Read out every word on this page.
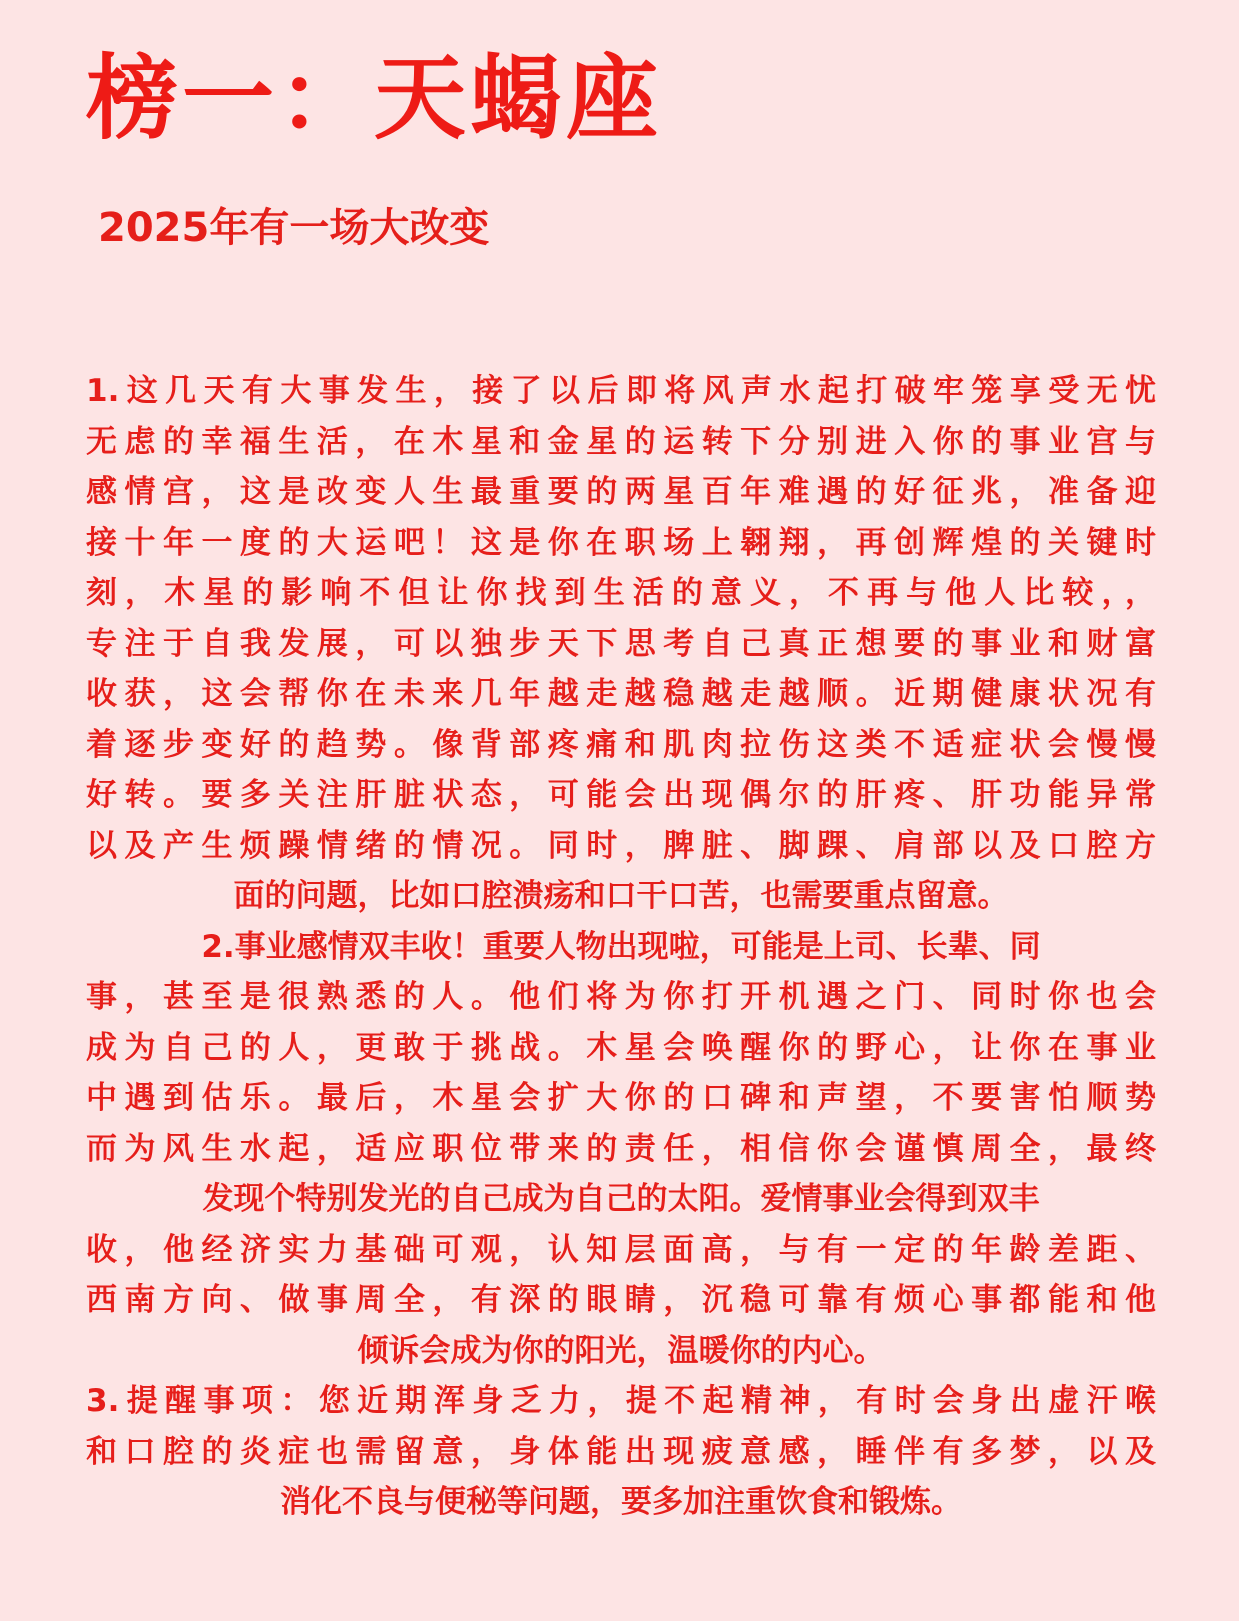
榜一：天蝎座
2025年有一场大改变
1.这几天有大事发生，接了以后即将风声水起打破牢笼享受无忧
无虑的幸福生活，在木星和金星的运转下分别进入你的事业宫与
感情宫，这是改变人生最重要的两星百年难遇的好征兆，准备迎
接十年一度的大运吧！这是你在职场上翱翔，再创辉煌的关键时
刻，木星的影响不但让你找到生活的意义，不再与他人比较，，
专注于自我发展，可以独步天下思考自己真正想要的事业和财富
收获，这会帮你在未来几年越走越稳越走越顺。近期健康状况有
着逐步变好的趋势。像背部疼痛和肌肉拉伤这类不适症状会慢慢
好转。要多关注肝脏状态，可能会出现偶尔的肝疼、肝功能异常
以及产生烦躁情绪的情况。同时，脾脏、脚踝、肩部以及口腔方
面的问题，比如口腔溃疡和口干口苦，也需要重点留意。
2.事业感情双丰收！重要人物出现啦，可能是上司、长辈、同
事，甚至是很熟悉的人。他们将为你打开机遇之门、同时你也会
成为自己的人，更敢于挑战。木星会唤醒你的野心，让你在事业
中遇到估乐。最后，木星会扩大你的口碑和声望，不要害怕顺势
而为风生水起，适应职位带来的责任，相信你会谨慎周全，最终
发现个特别发光的自己成为自己的太阳。爱情事业会得到双丰
收，他经济实力基础可观，认知层面高，与有一定的年龄差距、
西南方向、做事周全，有深的眼睛，沉稳可靠有烦心事都能和他
倾诉会成为你的阳光，温暖你的内心。
3.提醒事项：您近期浑身乏力，提不起精神，有时会身出虚汗喉
和口腔的炎症也需留意，身体能出现疲意感，睡伴有多梦，以及
消化不良与便秘等问题，要多加注重饮食和锻炼。
